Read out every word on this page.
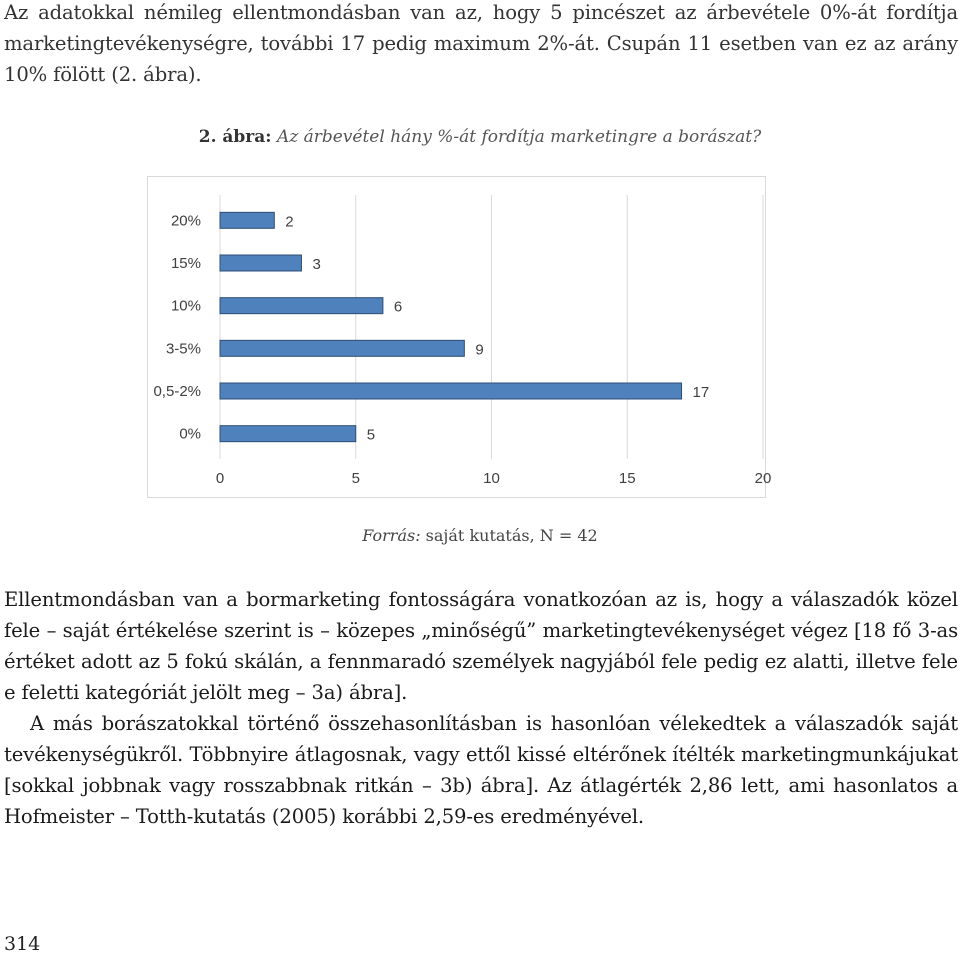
Az adatokkal némileg ellentmondásban van az, hogy 5 pincészet az árbevétele 0%-át fordítja marketingtevékenységre, további 17 pedig maximum 2%-át. Csupán 11 esetben van ez az arány 10% fölött (2. ábra).

2. ábra: Az árbevétel hány %-át fordítja marketingre a borászat?
0	5	10	15	20
20%	2
15%	3
10%	6
3-5%	9
0,5-2%	17
0%	5
Forrás: saját kutatás, N = 42

Ellentmondásban van a bormarketing fontosságára vonatkozóan az is, hogy a válaszadók közel fele – saját értékelése szerint is – közepes „minőségű” marketingtevékenységet végez [18 fő 3-as értéket adott az 5 fokú skálán, a fennmaradó személyek nagyjából fele pedig ez alatti, illetve fele e feletti kategóriát jelölt meg – 3a) ábra].

A más borászatokkal történő összehasonlításban is hasonlóan vélekedtek a válaszadók saját tevékenységükről. Többnyire átlagosnak, vagy ettől kissé eltérőnek ítélték marketingmunkájukat [sokkal jobbnak vagy rosszabbnak ritkán – 3b) ábra]. Az átlagérték 2,86 lett, ami hasonlatos a Hofmeister – Totth-kutatás (2005) korábbi 2,59-es eredményével.

314
